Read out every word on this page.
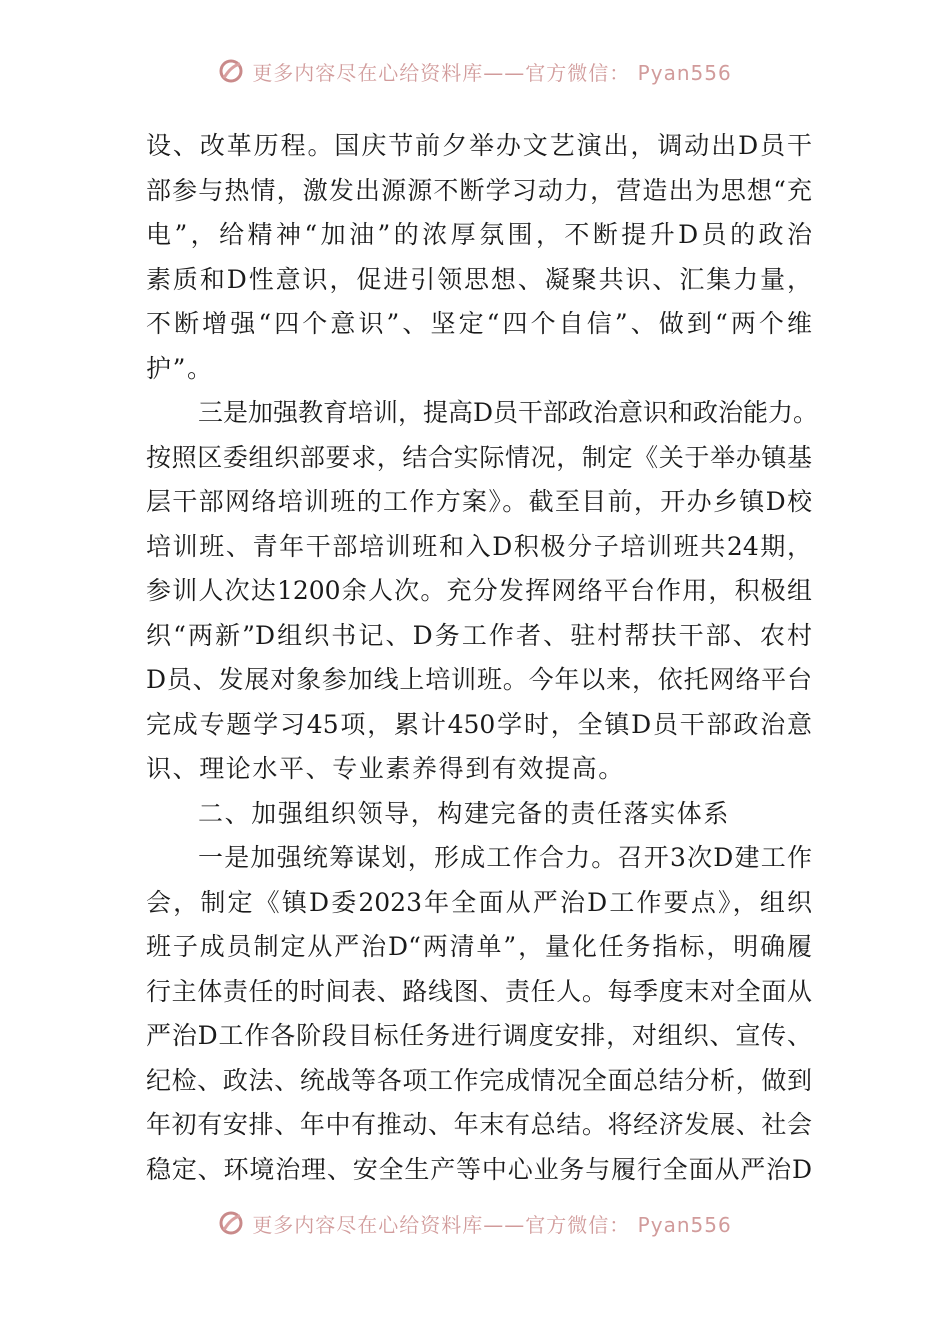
更多内容尽在心给资料库——官方微信： Pyan556
设、改革历程。国庆节前夕举办文艺演出，调动出D员干
部参与热情，激发出源源不断学习动力，营造出为思想“充
电”，给精神“加油”的浓厚氛围，不断提升D员的政治
素质和D性意识，促进引领思想、凝聚共识、汇集力量，
不断增强“四个意识”、坚定“四个自信”、做到“两个维
护”。
三是加强教育培训，提高D员干部政治意识和政治能力。
按照区委组织部要求，结合实际情况，制定《关于举办镇基
层干部网络培训班的工作方案》。截至目前，开办乡镇D校
培训班、青年干部培训班和入D积极分子培训班共24期，
参训人次达1200余人次。充分发挥网络平台作用，积极组
织“两新”D组织书记、D务工作者、驻村帮扶干部、农村
D员、发展对象参加线上培训班。今年以来，依托网络平台
完成专题学习45项，累计450学时，全镇D员干部政治意
识、理论水平、专业素养得到有效提高。
二、加强组织领导，构建完备的责任落实体系
一是加强统筹谋划，形成工作合力。召开3次D建工作
会，制定《镇D委2023年全面从严治D工作要点》，组织
班子成员制定从严治D“两清单”，量化任务指标，明确履
行主体责任的时间表、路线图、责任人。每季度末对全面从
严治D工作各阶段目标任务进行调度安排，对组织、宣传、
纪检、政法、统战等各项工作完成情况全面总结分析，做到
年初有安排、年中有推动、年末有总结。将经济发展、社会
稳定、环境治理、安全生产等中心业务与履行全面从严治D
更多内容尽在心给资料库——官方微信： Pyan556
